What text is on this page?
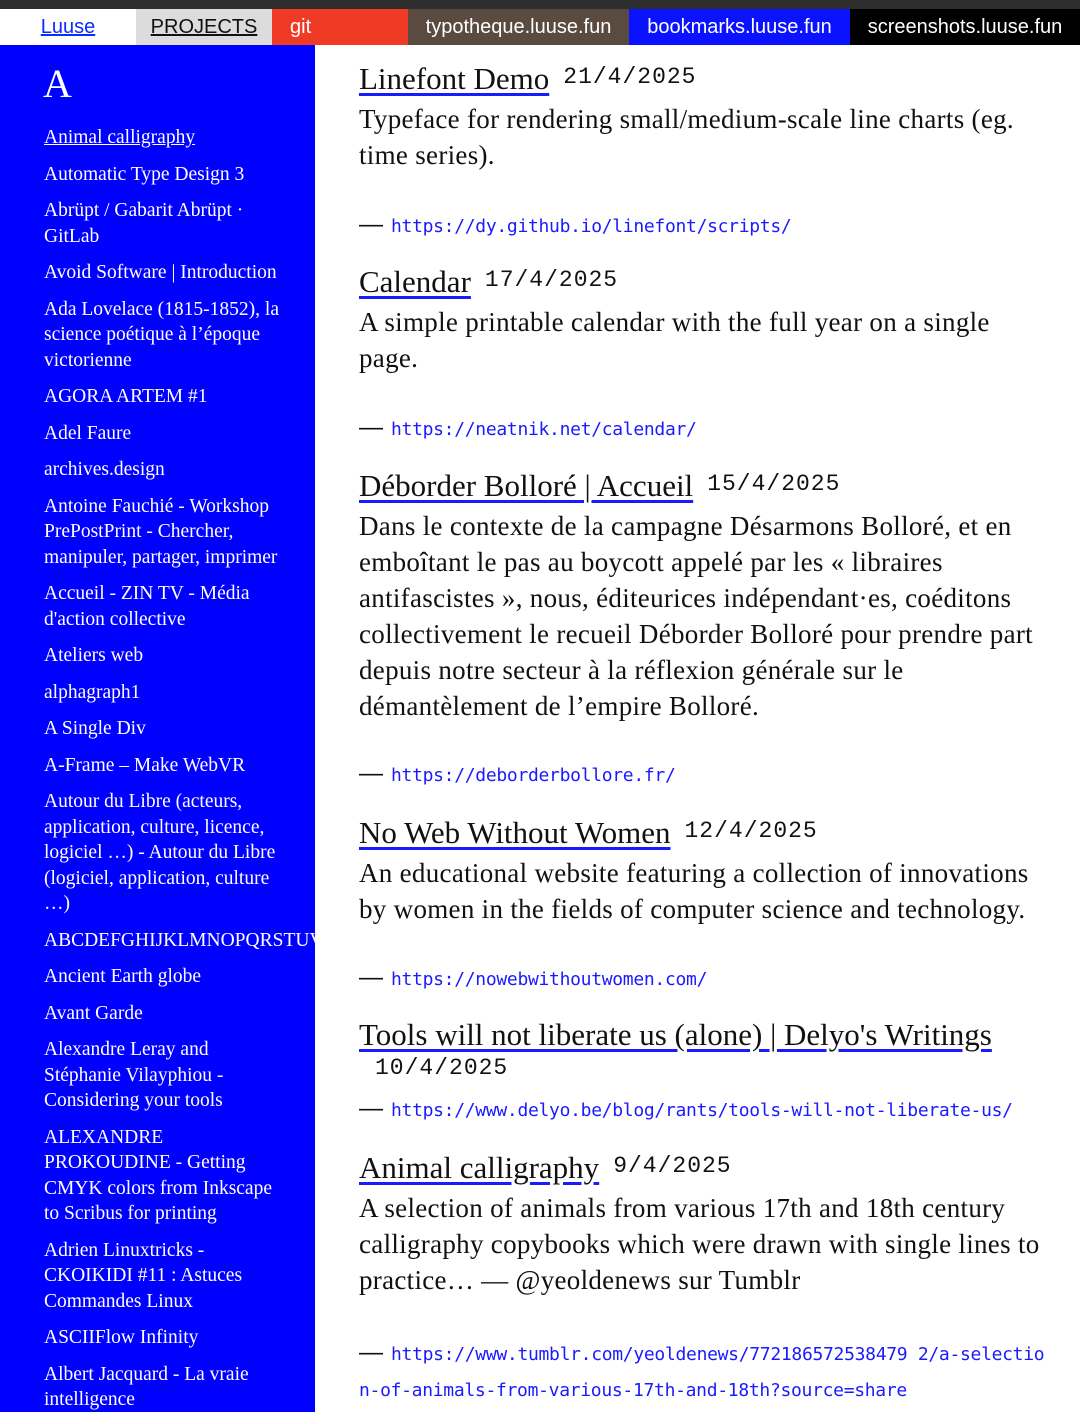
Luuse	PROJECTS	git	typotheque.luuse.fun	bookmarks.luuse.fun	screenshots.luuse.fun
A
Animal calligraphy
Automatic Type Design 3
Abrüpt / Gabarit Abrüpt · GitLab
Avoid Software | Introduction
Ada Lovelace (1815-1852), la science poétique à l’époque victorienne
AGORA ARTEM #1
Adel Faure
archives.design
Antoine Fauchié - Workshop PrePostPrint - Chercher, manipuler, partager, imprimer
Accueil - ZIN TV - Média d'action collective
Ateliers web
alphagraph1
A Single Div
A-Frame – Make WebVR
Autour du Libre (acteurs, application, culture, licence, logiciel …) - Autour du Libre (logiciel, application, culture …)
ABCDEFGHIJKLMNOPQRSTUVWXYZ
Ancient Earth globe
Avant Garde
Alexandre Leray and Stéphanie Vilayphiou - Considering your tools
ALEXANDRE PROKOUDINE - Getting CMYK colors from Inkscape to Scribus for printing
Adrien Linuxtricks - CKOIKIDI #11 : Astuces Commandes Linux
ASCIIFlow Infinity
Albert Jacquard - La vraie intelligence
Linefont Demo 21/4/2025
Typeface for rendering small/medium-scale line charts (eg. time series).
— https://dy.github.io/linefont/scripts/
Calendar 17/4/2025
A simple printable calendar with the full year on a single page.
— https://neatnik.net/calendar/
Déborder Bolloré | Accueil 15/4/2025
Dans le contexte de la campagne Désarmons Bolloré, et en emboîtant le pas au boycott appelé par les « libraires antifascistes », nous, éditeurices indépendant·es, coéditons collectivement le recueil Déborder Bolloré pour prendre part depuis notre secteur à la réflexion générale sur le démantèlement de l’empire Bolloré.
— https://deborderbollore.fr/
No Web Without Women 12/4/2025
An educational website featuring a collection of innovations by women in the fields of computer science and technology.
— https://nowebwithoutwomen.com/
Tools will not liberate us (alone) | Delyo's Writings
10/4/2025
— https://www.delyo.be/blog/rants/tools-will-not-liberate-us/
Animal calligraphy 9/4/2025
A selection of animals from various 17th and 18th century calligraphy copybooks which were drawn with single lines to practice… — @yeoldenews sur Tumblr
— https://www.tumblr.com/yeoldenews/772186572538479 2/a-selection-of-animals-from-various-17th-and-18th?source=share
